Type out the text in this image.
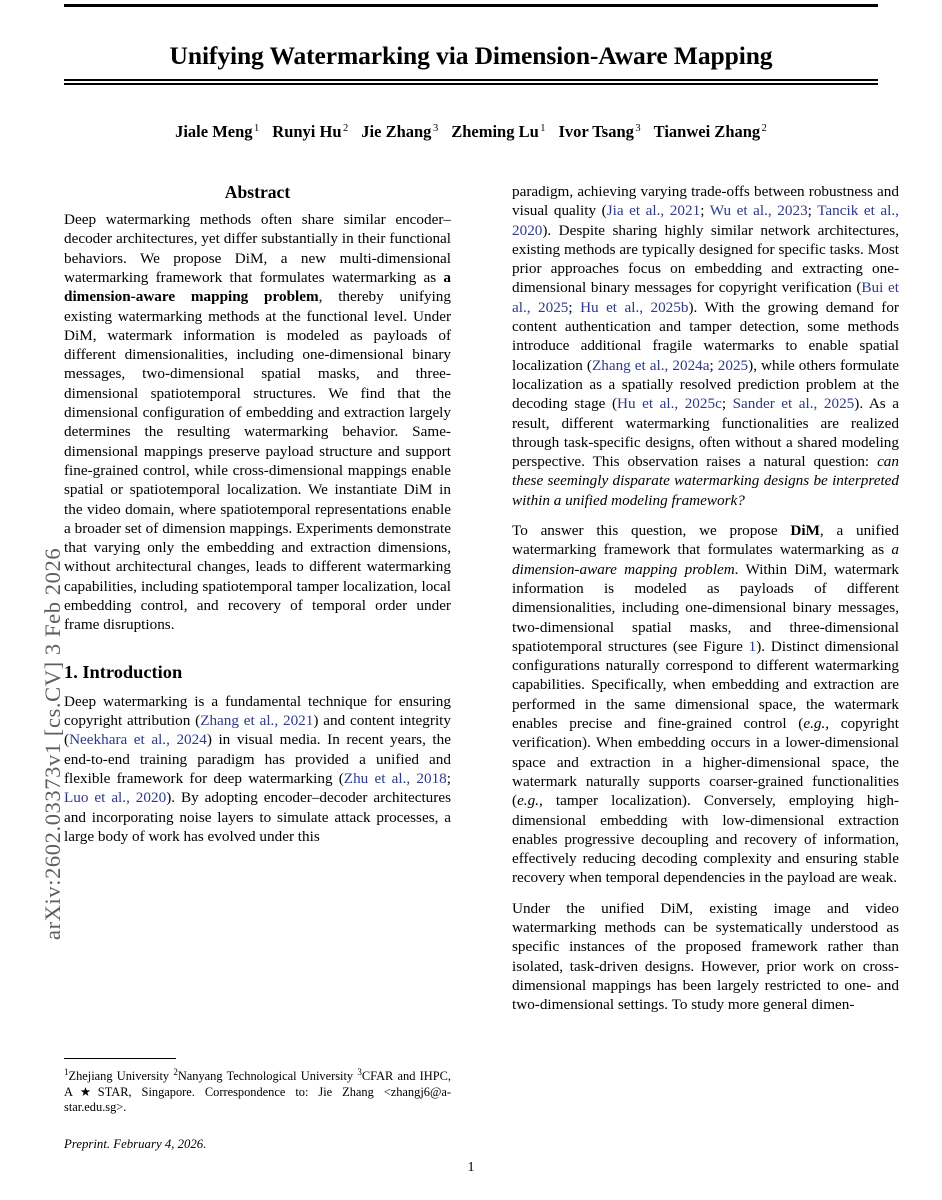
arXiv:2602.03373v1 [cs.CV] 3 Feb 2026
Unifying Watermarking via Dimension-Aware Mapping
Jiale Meng $^1$ Runyi Hu $^2$ Jie Zhang $^3$ Zheming Lu $^1$ Ivor Tsang $^3$ Tianwei Zhang $^2$
Abstract

Deep watermarking methods often share similar encoder–decoder architectures, yet differ substantially in their functional behaviors. We propose DiM, a new multi-dimensional watermarking framework that formulates watermarking as a dimension-aware mapping problem, thereby unifying existing watermarking methods at the functional level. Under DiM, watermark information is modeled as payloads of different dimensionalities, including one-dimensional binary messages, two-dimensional spatial masks, and three-dimensional spatiotemporal structures. We find that the dimensional configuration of embedding and extraction largely determines the resulting watermarking behavior. Same-dimensional mappings preserve payload structure and support fine-grained control, while cross-dimensional mappings enable spatial or spatiotemporal localization. We instantiate DiM in the video domain, where spatiotemporal representations enable a broader set of dimension mappings. Experiments demonstrate that varying only the embedding and extraction dimensions, without architectural changes, leads to different watermarking capabilities, including spatiotemporal tamper localization, local embedding control, and recovery of temporal order under frame disruptions.

1. Introduction

Deep watermarking is a fundamental technique for ensuring copyright attribution (Zhang et al., 2021) and content integrity (Neekhara et al., 2024) in visual media. In recent years, the end-to-end training paradigm has provided a unified and flexible framework for deep watermarking (Zhu et al., 2018; Luo et al., 2020). By adopting encoder–decoder architectures and incorporating noise layers to simulate attack processes, a large body of work has evolved under this

paradigm, achieving varying trade-offs between robustness and visual quality (Jia et al., 2021; Wu et al., 2023; Tancik et al., 2020). Despite sharing highly similar network architectures, existing methods are typically designed for specific tasks. Most prior approaches focus on embedding and extracting one-dimensional binary messages for copyright verification (Bui et al., 2025; Hu et al., 2025b). With the growing demand for content authentication and tamper detection, some methods introduce additional fragile watermarks to enable spatial localization (Zhang et al., 2024a; 2025), while others formulate localization as a spatially resolved prediction problem at the decoding stage (Hu et al., 2025c; Sander et al., 2025). As a result, different watermarking functionalities are realized through task-specific designs, often without a shared modeling perspective. This observation raises a natural question: can these seemingly disparate watermarking designs be interpreted within a unified modeling framework?

To answer this question, we propose DiM, a unified watermarking framework that formulates watermarking as a dimension-aware mapping problem. Within DiM, watermark information is modeled as payloads of different dimensionalities, including one-dimensional binary messages, two-dimensional spatial masks, and three-dimensional spatiotemporal structures (see Figure 1). Distinct dimensional configurations naturally correspond to different watermarking capabilities. Specifically, when embedding and extraction are performed in the same dimensional space, the watermark enables precise and fine-grained control (e.g., copyright verification). When embedding occurs in a lower-dimensional space and extraction in a higher-dimensional space, the watermark naturally supports coarser-grained functionalities (e.g., tamper localization). Conversely, employing high-dimensional embedding with low-dimensional extraction enables progressive decoupling and recovery of information, effectively reducing decoding complexity and ensuring stable recovery when temporal dependencies in the payload are weak.

Under the unified DiM, existing image and video watermarking methods can be systematically understood as specific instances of the proposed framework rather than isolated, task-driven designs. However, prior work on cross-dimensional mappings has been largely restricted to one- and two-dimensional settings. To study more general dimen-

$^1$Zhejiang University $^2$Nanyang Technological University $^3$CFAR and IHPC, A★STAR, Singapore. Correspondence to: Jie Zhang <zhangj6@a-star.edu.sg>.
Preprint. February 4, 2026.
1
